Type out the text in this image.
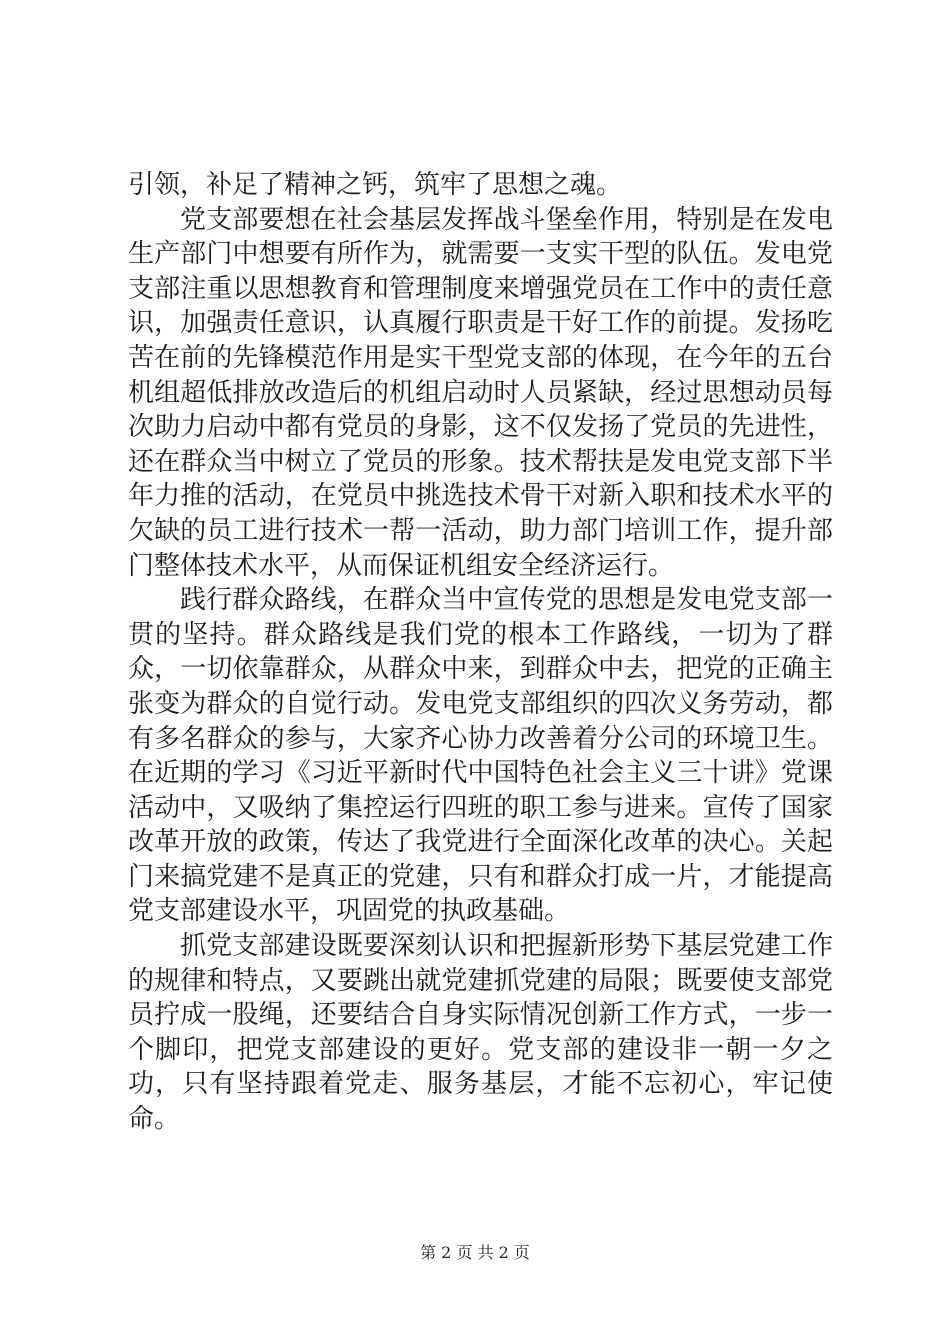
引领，补足了精神之钙，筑牢了思想之魂。

党支部要想在社会基层发挥战斗堡垒作用，特别是在发电生产部门中想要有所作为，就需要一支实干型的队伍。发电党支部注重以思想教育和管理制度来增强党员在工作中的责任意识，加强责任意识，认真履行职责是干好工作的前提。发扬吃苦在前的先锋模范作用是实干型党支部的体现，在今年的五台机组超低排放改造后的机组启动时人员紧缺，经过思想动员每次助力启动中都有党员的身影，这不仅发扬了党员的先进性，还在群众当中树立了党员的形象。技术帮扶是发电党支部下半年力推的活动，在党员中挑选技术骨干对新入职和技术水平的欠缺的员工进行技术一帮一活动，助力部门培训工作，提升部门整体技术水平，从而保证机组安全经济运行。

践行群众路线，在群众当中宣传党的思想是发电党支部一贯的坚持。群众路线是我们党的根本工作路线，一切为了群众，一切依靠群众，从群众中来，到群众中去，把党的正确主张变为群众的自觉行动。发电党支部组织的四次义务劳动，都有多名群众的参与，大家齐心协力改善着分公司的环境卫生。在近期的学习《习近平新时代中国特色社会主义三十讲》党课活动中，又吸纳了集控运行四班的职工参与进来。宣传了国家改革开放的政策，传达了我党进行全面深化改革的决心。关起门来搞党建不是真正的党建，只有和群众打成一片，才能提高党支部建设水平，巩固党的执政基础。

抓党支部建设既要深刻认识和把握新形势下基层党建工作的规律和特点，又要跳出就党建抓党建的局限；既要使支部党员拧成一股绳，还要结合自身实际情况创新工作方式，一步一个脚印，把党支部建设的更好。党支部的建设非一朝一夕之功，只有坚持跟着党走、服务基层，才能不忘初心，牢记使命。

第 2 页 共 2 页
